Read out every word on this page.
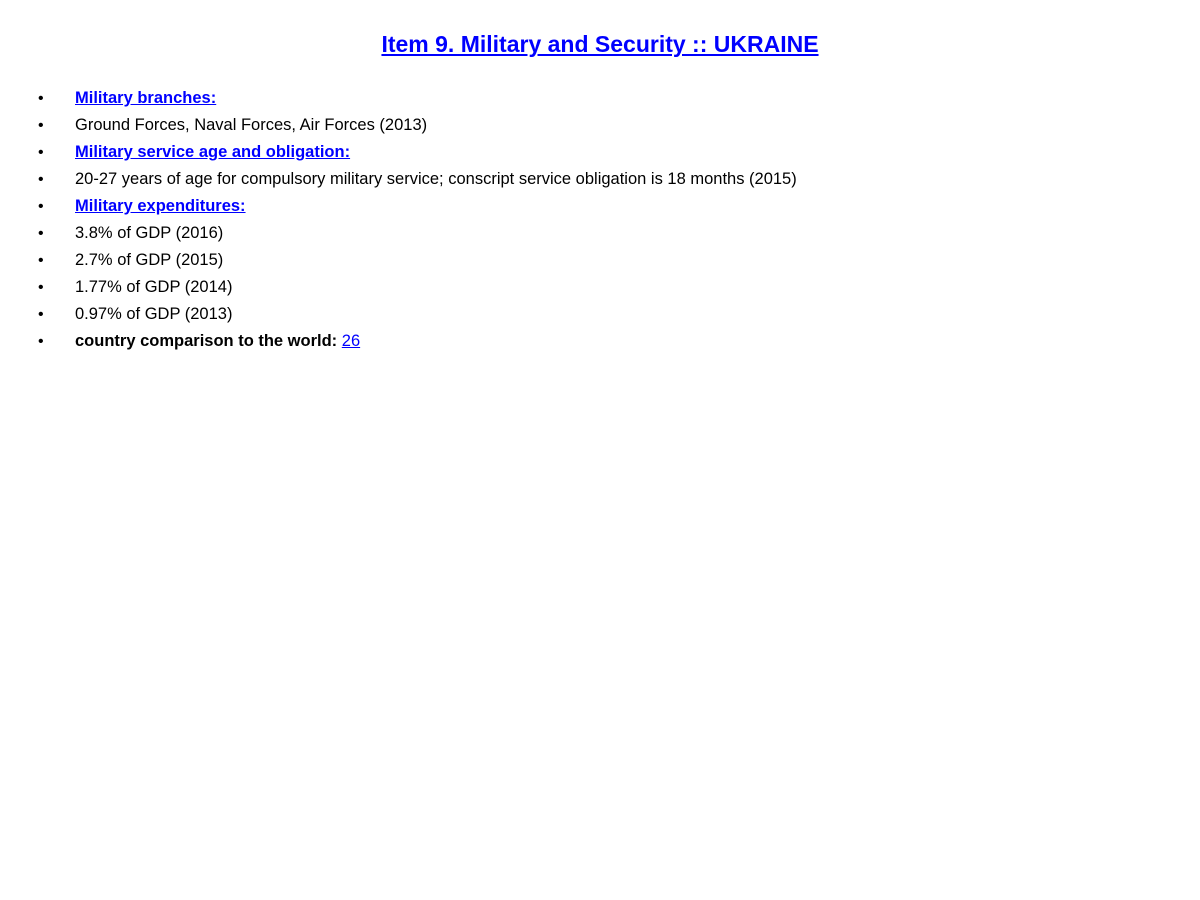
Item 9. Military and Security :: UKRAINE
•	Military branches:
•	Ground Forces, Naval Forces, Air Forces (2013)
•	Military service age and obligation:
•	20-27 years of age for compulsory military service; conscript service obligation is 18 months (2015)
•	Military expenditures:
•	3.8% of GDP (2016)
•	2.7% of GDP (2015)
•	1.77% of GDP (2014)
•	0.97% of GDP (2013)
•	country comparison to the world: 26
